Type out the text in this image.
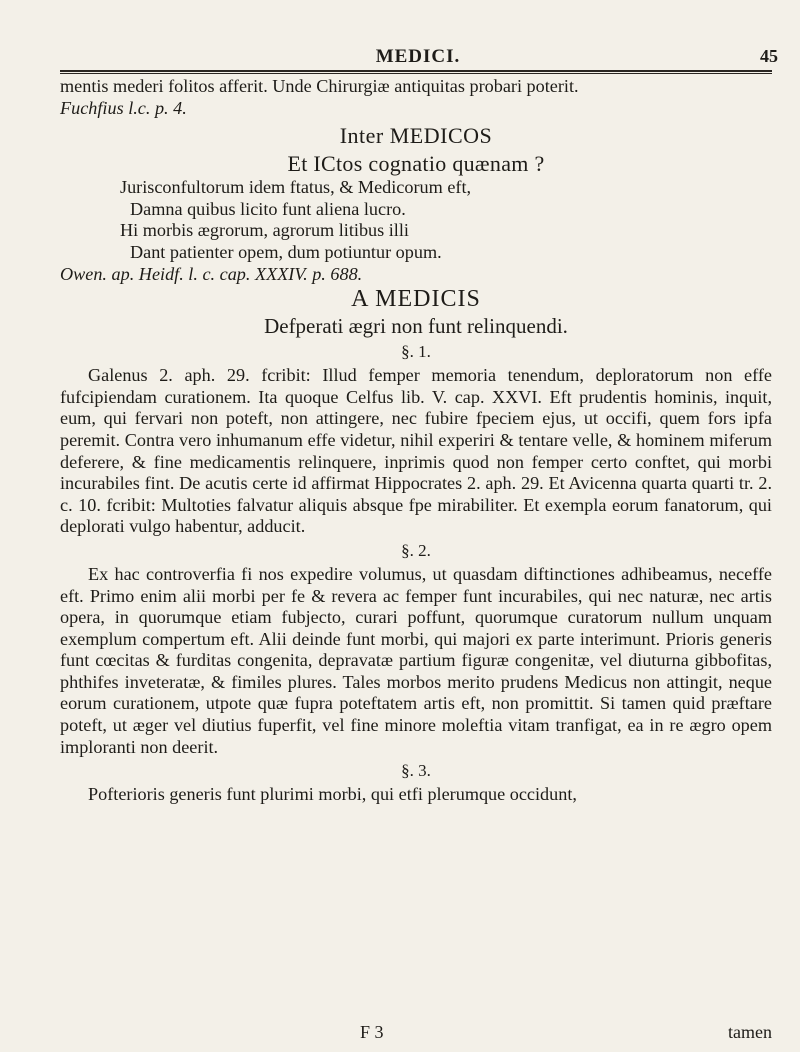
MEDICI.	45

mentis mederi folitos afferit. Unde Chirurgiæ antiquitas probari poterit.

Fuchfius l.c. p. 4.

Inter MEDICOS

Et ICtos cognatio quænam ?

Jurisconfultorum idem ftatus, & Medicorum eft,

Damna quibus licito funt aliena lucro.

Hi morbis ægrorum, agrorum litibus illi

Dant patienter opem, dum potiuntur opum.

Owen. ap. Heidf. l. c. cap. XXXIV. p. 688.

A MEDICIS

Defperati ægri non funt relinquendi.

§. 1.

Galenus 2. aph. 29. fcribit: Illud femper memoria tenendum, deploratorum non effe fufcipiendam curationem. Ita quoque Celfus lib. V. cap. XXVI. Eft prudentis hominis, inquit, eum, qui fervari non poteft, non attingere, nec fubire fpeciem ejus, ut occifi, quem fors ipfa peremit. Contra vero inhumanum effe videtur, nihil experiri & tentare velle, & hominem miferum deferere, & fine medicamentis relinquere, inprimis quod non femper certo conftet, qui morbi incurabiles fint. De acutis certe id affirmat Hippocrates 2. aph. 29. Et Avicenna quarta quarti tr. 2. c. 10. fcribit: Multoties falvatur aliquis absque fpe mirabiliter. Et exempla eorum fanatorum, qui deplorati vulgo habentur, adducit.

§. 2.

Ex hac controverfia fi nos expedire volumus, ut quasdam diftinctiones adhibeamus, neceffe eft. Primo enim alii morbi per fe & revera ac femper funt incurabiles, qui nec naturæ, nec artis opera, in quorumque etiam fubjecto, curari poffunt, quorumque curatorum nullum unquam exemplum compertum eft. Alii deinde funt morbi, qui majori ex parte interimunt. Prioris generis funt cœcitas & furditas congenita, depravatæ partium figuræ congenitæ, vel diuturna gibbofitas, phthifes inveteratæ, & fimiles plures. Tales morbos merito prudens Medicus non attingit, neque eorum curationem, utpote quæ fupra poteftatem artis eft, non promittit. Si tamen quid præftare poteft, ut æger vel diutius fuperfit, vel fine minore moleftia vitam tranfigat, ea in re ægro opem imploranti non deerit.

§. 3.

Pofterioris generis funt plurimi morbi, qui etfi plerumque occidunt,

F 3	tamen
